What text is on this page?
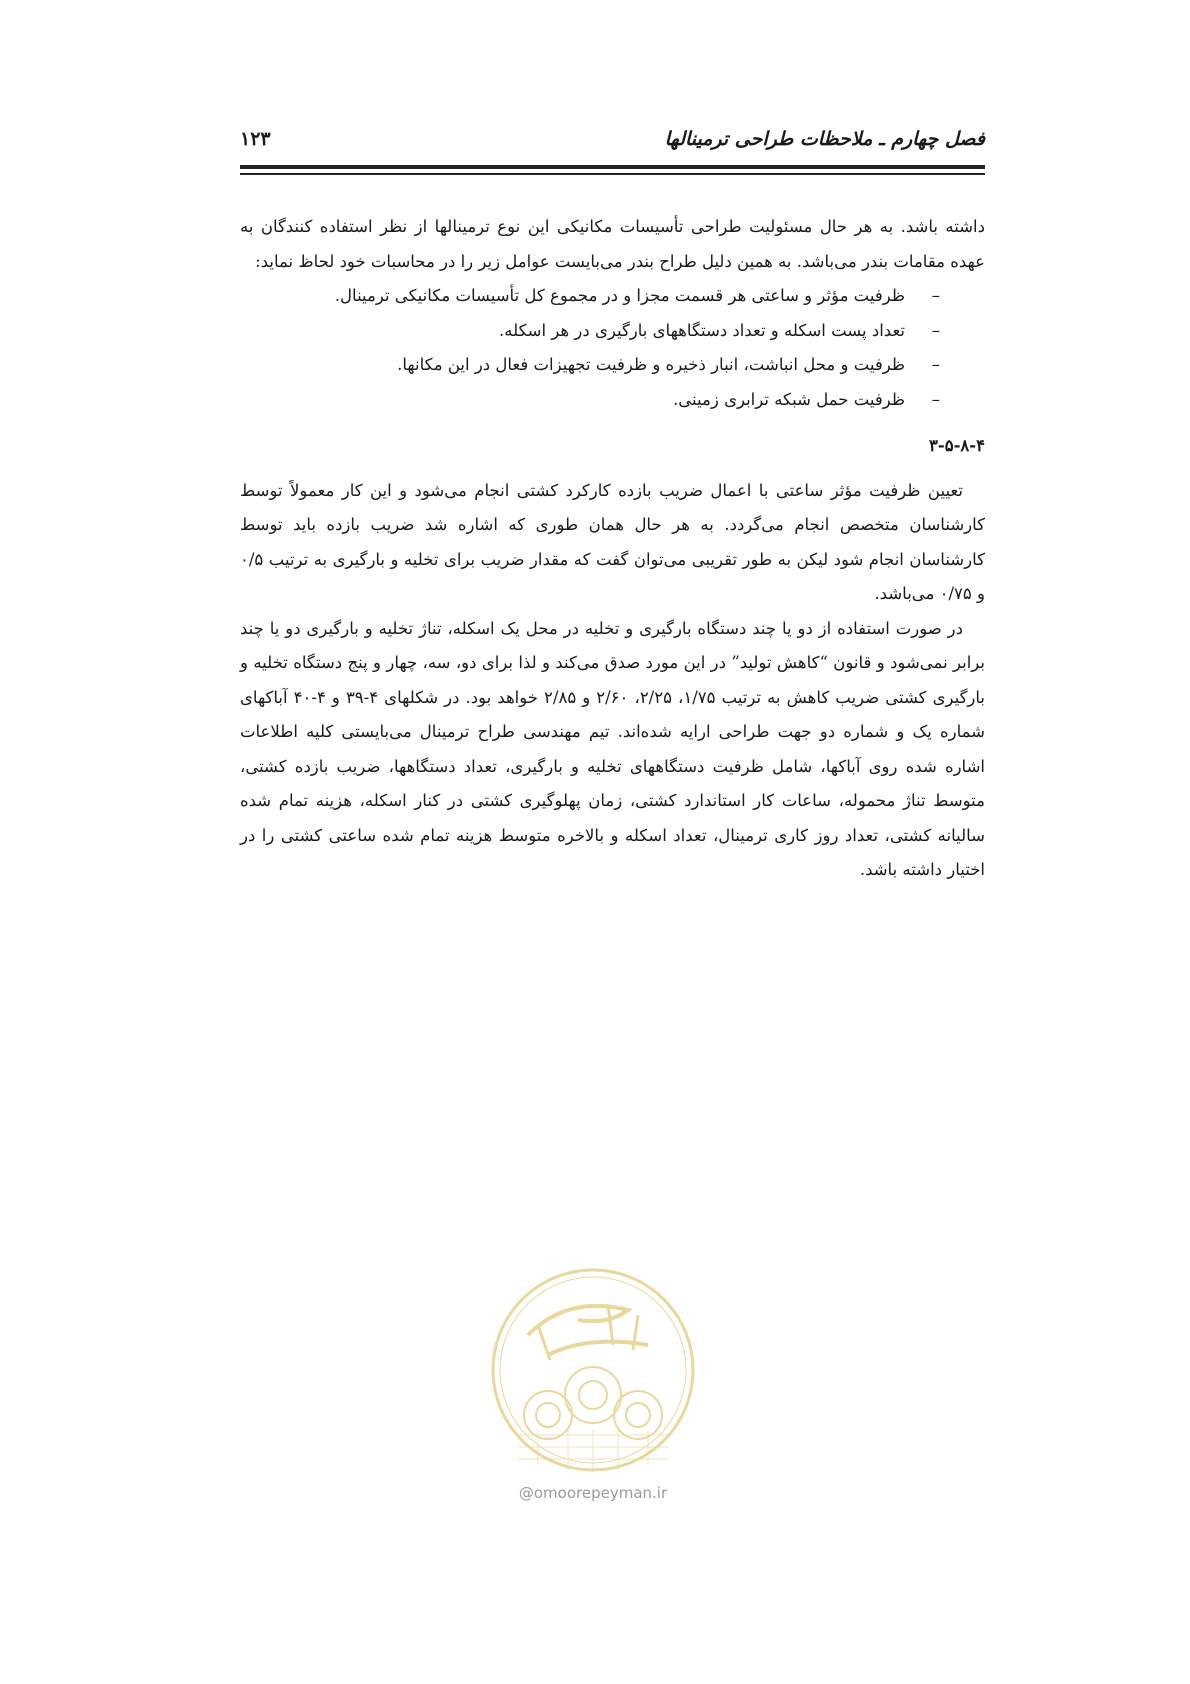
فصل چهارم ـ ملاحظات طراحی ترمینالها
۱۲۳

داشته باشد. به هر حال مسئولیت طراحی تأسیسات مکانیکی این نوع ترمینالها از نظر استفاده کنندگان به عهده مقامات بندر می‌باشد. به همین دلیل طراح بندر می‌بایست عوامل زیر را در محاسبات خود لحاظ نماید:

–
ظرفیت مؤثر و ساعتی هر قسمت مجزا و در مجموع کل تأسیسات مکانیکی ترمینال.
–
تعداد پست اسکله و تعداد دستگاههای بارگیری در هر اسکله.
–
ظرفیت و محل انباشت، انبار ذخیره و ظرفیت تجهیزات فعال در این مکانها.
–
ظرفیت حمل شبکه ترابری زمینی.
۳-۵-۸-۴

تعیین ظرفیت مؤثر ساعتی با اعمال ضریب بازده کارکرد کشتی انجام می‌شود و این کار معمولاً توسط کارشناسان متخصص انجام می‌گردد. به هر حال همان طوری که اشاره شد ضریب بازده باید توسط کارشناسان انجام شود لیکن به طور تقریبی می‌توان گفت که مقدار ضریب برای تخلیه و بارگیری به ترتیب ۰/۵ و ۰/۷۵ می‌باشد.

در صورت استفاده از دو یا چند دستگاه بارگیری و تخلیه در محل یک اسکله، تناژ تخلیه و بارگیری دو یا چند برابر نمی‌شود و قانون “کاهش تولید” در این مورد صدق می‌کند و لذا برای دو، سه، چهار و پنج دستگاه تخلیه و بارگیری کشتی ضریب کاهش به ترتیب ۱/۷۵، ۲/۲۵، ۲/۶۰ و ۲/۸۵ خواهد بود. در شکلهای ۴-۳۹ و ۴-۴۰ آباکهای شماره یک و شماره دو جهت طراحی ارایه شده‌اند. تیم مهندسی طراح ترمینال می‌بایستی کلیه اطلاعات اشاره شده روی آباکها، شامل ظرفیت دستگاههای تخلیه و بارگیری، تعداد دستگاهها، ضریب بازده کشتی، متوسط تناژ محموله، ساعات کار استاندارد کشتی، زمان پهلوگیری کشتی در کنار اسکله، هزینه تمام شده سالیانه کشتی، تعداد روز کاری ترمینال، تعداد اسکله و بالاخره متوسط هزینه تمام شده ساعتی کشتی را در اختیار داشته باشد.

@omoorepeyman.ir
